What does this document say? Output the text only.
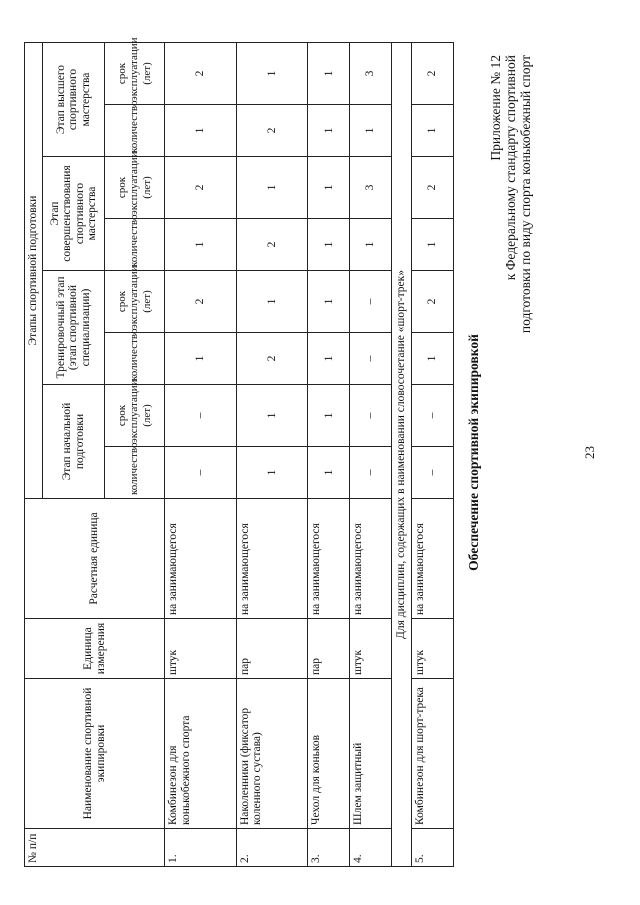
23
Приложение № 12 к Федеральному стандарту спортивной подготовки по виду спорта конькобежный спорт
Обеспечение спортивной экипировкой
№ п/п	Наименование спортивной экипировки	Единица измерения	Расчетная единица	Этапы спортивной подготовки							
				Этап начальной подготовки		Тренировочный этап (этап спортивной специализации)		Этап совершенствования спортивного мастерства		Этап высшего спортивного мастерства	
				количество	срок эксплуатации (лет)	количество	срок эксплуатации (лет)	количество	срок эксплуатации (лет)	количество	срок эксплуатации (лет)
1.	Комбинезон для конькобежного спорта	штук	на занимающегося	–	–	1	2	1	2	1	2
2.	Наколенники (фиксатор коленного сустава)	пар	на занимающегося	1	1	2	1	2	1	2	1
3.	Чехол для коньков	пар	на занимающегося	1	1	1	1	1	1	1	1
4.	Шлем защитный	штук	на занимающегося	–	–	–	–	1	3	1	3
Для дисциплин, содержащих в наименовании словосочетание «шорт-трек»											
5.	Комбинезон для шорт-трека	штук	на занимающегося	–	–	1	2	1	2	1	2
